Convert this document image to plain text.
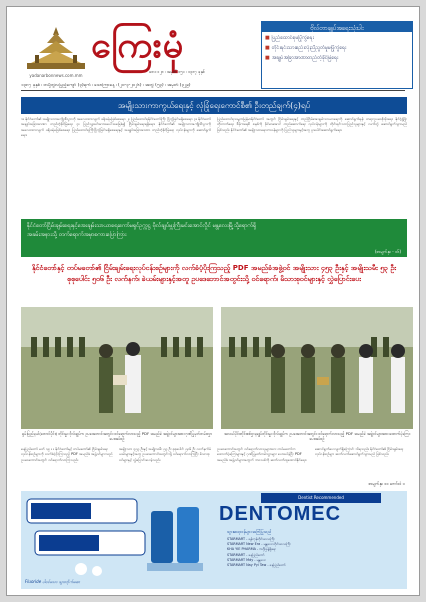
ကြေးမုံ
yadanarbonnews.com.mm
ဘေး ၁၂၈ ၊ အမှတ် ၁၅၁ ၊ ၁၃၈၇ ခုနှစ်
၁၃၈၇ ခုနှစ် ၊ တပို့တွဲလပြည့်ကျော် (၃)ရက် ၊ သောကြာနေ့ ၊ (၂၀-၃-၂၀၂၆) ၊ အတွဲ (၅၃) ၊ အမှတ် (၃၂၉)
ဗိုလ်တာချုပ်အရေးသုံးပါး
■ ပြည်ထောင်စုမပြိုကွဲရေး
■ တိုင်းရင်းသားစည်းလုံးညီညွတ်မှုမပြိုကွဲရေး
■ အချုပ်အခြာအာဏာတည်တံ့ခိုင်မြဲရေး
အမျိုးသားကာကွယ်ရေးနှင့် လုံခြုံရေးကောင်စီ၏ ဦးတည်ချက်(၄)ရပ်
၁။ နိုင်ငံတော်၏ အမျိုးသားအကျိုးစီးပွားကို အလေးထားလျက် ဖရိုဖရဲမဖြစ်စေရေး၊ ၂။ ပြည်ထောင်စုနိုင်ငံတော်ကြီး ပြိုကွဲခြင်းမရှိစေရေး၊ ၃။ နိုင်ငံတော်အချုပ်အခြာအာဏာ တည်တံ့ခိုင်မြဲရေး၊ ၄။ ပြည်သူ့အင်အားအပေါ်အခြေခံ၍ ငြိမ်းချမ်းရေးရရှိရေး။ နိုင်ငံတော်၏ အမျိုးသားအကျိုးစီးပွားကို အလေးထားလျက် ဖရိုဖရဲမဖြစ်စေရေး၊ ပြည်ထောင်စုကြီးပြိုကွဲခြင်းမရှိစေရေးနှင့် အချုပ်အခြာအာဏာ တည်တံ့ခိုင်မြဲရေး လုပ်ငန်းများကို ဆောင်ရွက်ရေး။
ပြည်ထောင်စုသမ္မတမြန်မာနိုင်ငံတော် အတွင်း ငြိမ်းချမ်းရေးနှင့် တည်ငြိမ်အေးချမ်းသာယာရေးကို ဆောင်ရွက်ရန်၊ တရားဥပဒေစိုးမိုးရေး၊ နိုင်ငံ့ဖွံ့ဖြိုးတိုးတက်ရေး၊ ဒီမိုကရေစီ စနစ်ကို ခိုင်မာအောင် တည်ဆောက်ရေး လုပ်ငန်းများကို တိုင်းရင်းသားပြည်သူများနှင့် လက်တွဲ ဆောင်ရွက်သွားမည်ဖြစ်သည်။ နိုင်ငံတော်၏ အမျိုးသားရေးတာဝန်များကို ပြည်သူများနှင့်အတူ ပူးပေါင်းဆောင်ရွက်ရေး။
နိုင်ငံတော်ငြိမ်းချမ်းရေးနှင့်အေးချမ်းသာယာရေးကော်မရှင်ဥက္ကဋ္ဌ ဗိုလ်ချုပ်မှူးကြီးမင်းအောင်လှိုင် မန္တလေးမြို့သို့ရောက်ရှိ
အခမ်းအနားသို့ တက်ရောက်အမှာစကားပြောကြား
(စာမျက်နှာ - ၁၆)
နိုင်ငံတော်နှင့် တပ်မတော်၏ ငြိမ်းချမ်းရေးလုပ်ငန်းစဉ်များကို လက်ခံပံ့ပိုးကြသည့် PDF အမည်ခံအဖွဲ့ဝင် အမျိုးသား ၄၅၃ ဦးနှင့် အမျိုးသမီး ၅၃ ဦး စုစုပေါင်း ၅၀၆ ဦး လက်နက်၊ ခဲယမ်းများနှင့်အတူ ဥပဒေဘောင်အတွင်းသို့ ဝင်ရောက်၊ မိသားစုဝင်များနှင့် လွှဲပြောင်းပေး
ရှမ်းပြည်နယ်(တောင်ပိုင်း) တိုင်းမှူး ဗိုလ်ချုပ်က ဥပဒေဘောင်အတွင်း ဝင်ရောက်လာသည့် PDF အမည်ခံ အဖွဲ့ဝင်များအား ဂုဏ်ပြုမှတ်တမ်းလွှာ ပေးအပ်စဉ်
အလယ်ပိုင်းတိုင်းစစ်ဌာနချုပ်တိုင်းမှူး ဗိုလ်ချုပ်က ဥပဒေဘောင်အတွင်း ဝင်ရောက်လာသည့် PDF အမည်ခံ အဖွဲ့ဝင်များအား ထောက်ပံ့ကြေး ပေးအပ်စဉ်
နေပြည်တော် မတ် ၁၉ ။ ။ နိုင်ငံတော်နှင့် တပ်မတော်၏ ငြိမ်းချမ်းရေးလုပ်ငန်းစဉ်များကို လက်ခံပံ့ပိုးကြသည့် PDF အမည်ခံ အဖွဲ့ဝင်များသည် ဥပဒေဘောင်အတွင်း ဝင်ရောက်လာကြသည်။
အမျိုးသား ၄၅၃ ဦးနှင့် အမျိုးသမီး ၅၃ ဦး စုစုပေါင်း ၅၀၆ ဦး လက်နက်ခဲယမ်းများနှင့်အတူ ဥပဒေဘောင်အတွင်းသို့ ဝင်ရောက်လာကြပြီး မိသားစုဝင်များနှင့် လွှဲပြောင်းပေးခဲ့သည်။
ဥပဒေဘောင်အတွင်း ဝင်ရောက်လာသူများအား တပ်မတော်က ထောက်ပံ့ကြေးများနှင့် ဂုဏ်ပြုမှတ်တမ်းလွှာများ ပေးအပ်ခဲ့ပြီး PDF အမည်ခံ အဖွဲ့ဝင်များအတွက် ဘဝသစ်ကို ဆက်လက်ထူထောင်နိုင်ရေး။
ဆောင်ရွက်ပေးလျက်ရှိကြောင်း သိရသည်။ နိုင်ငံတော်၏ ငြိမ်းချမ်းရေးလုပ်ငန်းစဉ်များ ဆက်လက်ဆောင်ရွက်သွားမည် ဖြစ်သည်။
စာမျက်နှာ ၁၀ ကော်လံ ၁
Dentist Recommended
DENTOMEC
သွားဆရာဝန်များ အကြံပြုသည်
STARMART - ရန်ကုန်တိုင်းဒေသကြီး
STARMART New Era - မန္တလေးတိုင်းဒေသကြီး
KHA YIE PHARMA - ဗဟိုဖြန့်ချိရေး
STARMART - နေပြည်တော်
STARMART Mdy - မန္တလေး
STARMART Nay Pyi Taw - နေပြည်တော်
Fluoride ပါဝင်သော သွားတိုက်ဆေး
